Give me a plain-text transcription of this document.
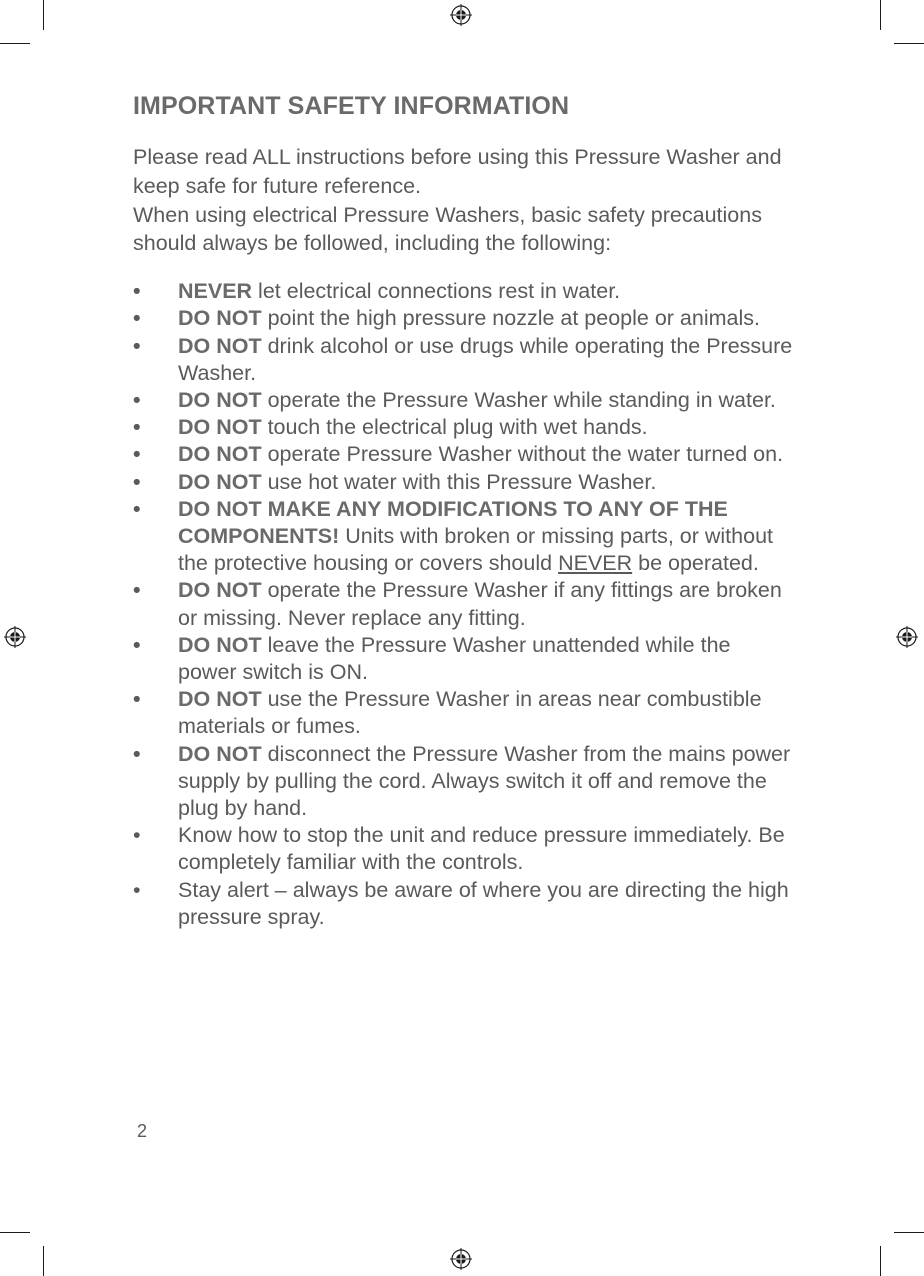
IMPORTANT SAFETY INFORMATION

Please read ALL instructions before using this Pressure Washer and keep safe for future reference.

When using electrical Pressure Washers, basic safety precautions should always be followed, including the following:

•	NEVER let electrical connections rest in water.
•	DO NOT point the high pressure nozzle at people or animals.
•	DO NOT drink alcohol or use drugs while operating the Pressure Washer.
•	DO NOT operate the Pressure Washer while standing in water.
•	DO NOT touch the electrical plug with wet hands.
•	DO NOT operate Pressure Washer without the water turned on.
•	DO NOT use hot water with this Pressure Washer.
•	DO NOT MAKE ANY MODIFICATIONS TO ANY OF THE COMPONENTS! Units with broken or missing parts, or without the protective housing or covers should NEVER be operated.
•	DO NOT operate the Pressure Washer if any fittings are broken or missing. Never replace any fitting.
•	DO NOT leave the Pressure Washer unattended while the power switch is ON.
•	DO NOT use the Pressure Washer in areas near combustible materials or fumes.
•	DO NOT disconnect the Pressure Washer from the mains power supply by pulling the cord. Always switch it off and remove the plug by hand.
•	Know how to stop the unit and reduce pressure immediately. Be completely familiar with the controls.
•	Stay alert – always be aware of where you are directing the high pressure spray.
2
